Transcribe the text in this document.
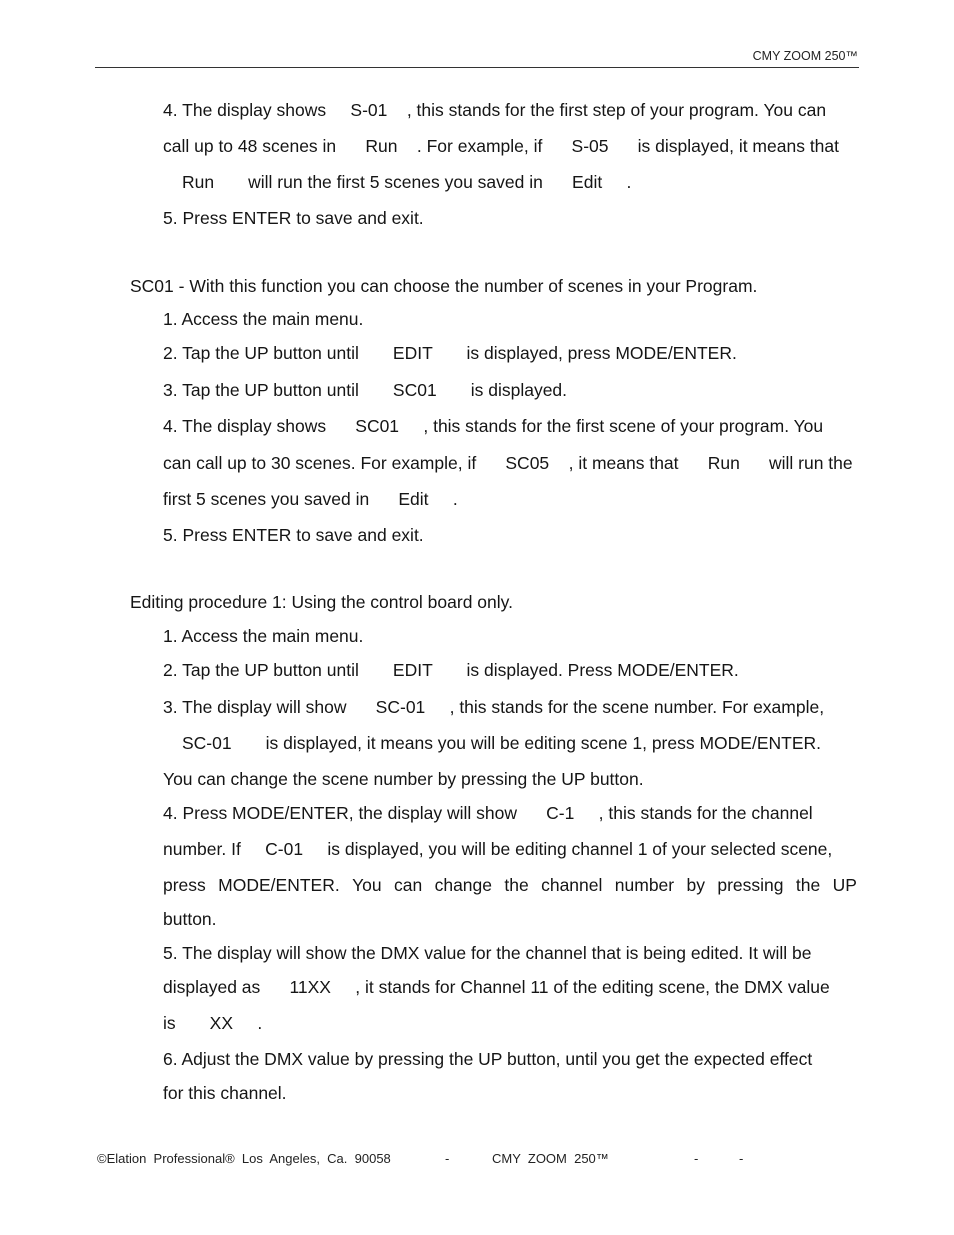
CMY ZOOM 250™
4. The display shows     S-01    , this stands for the first step of your program. You can
call up to 48 scenes in      Run    . For example, if      S-05      is displayed, it means that
Run       will run the first 5 scenes you saved in      Edit     .
5. Press ENTER to save and exit.
SC01 - With this function you can choose the number of scenes in your Program.
1. Access the main menu.
2. Tap the UP button until       EDIT       is displayed, press MODE/ENTER.
3. Tap the UP button until       SC01       is displayed.
4. The display shows      SC01     , this stands for the first scene of your program. You
can call up to 30 scenes. For example, if      SC05    , it means that      Run      will run the
first 5 scenes you saved in      Edit     .
5. Press ENTER to save and exit.
Editing procedure 1: Using the control board only.
1. Access the main menu.
2. Tap the UP button until       EDIT       is displayed. Press MODE/ENTER.
3. The display will show      SC-01     , this stands for the scene number. For example,
SC-01       is displayed, it means you will be editing scene 1, press MODE/ENTER.
You can change the scene number by pressing the UP button.
4. Press MODE/ENTER, the display will show      C-1     , this stands for the channel
number. If     C-01     is displayed, you will be editing channel 1 of your selected scene,
press MODE/ENTER. You can change the channel number by pressing the UP
button.
5. The display will show the DMX value for the channel that is being edited. It will be
displayed as      11XX     , it stands for Channel 11 of the editing scene, the DMX value
is       XX     .
6. Adjust the DMX value by pressing the UP button, until you get the expected effect
for this channel.
©Elation  Professional®  Los  Angeles,  Ca.  90058	-	CMY  ZOOM  250™	-	-
